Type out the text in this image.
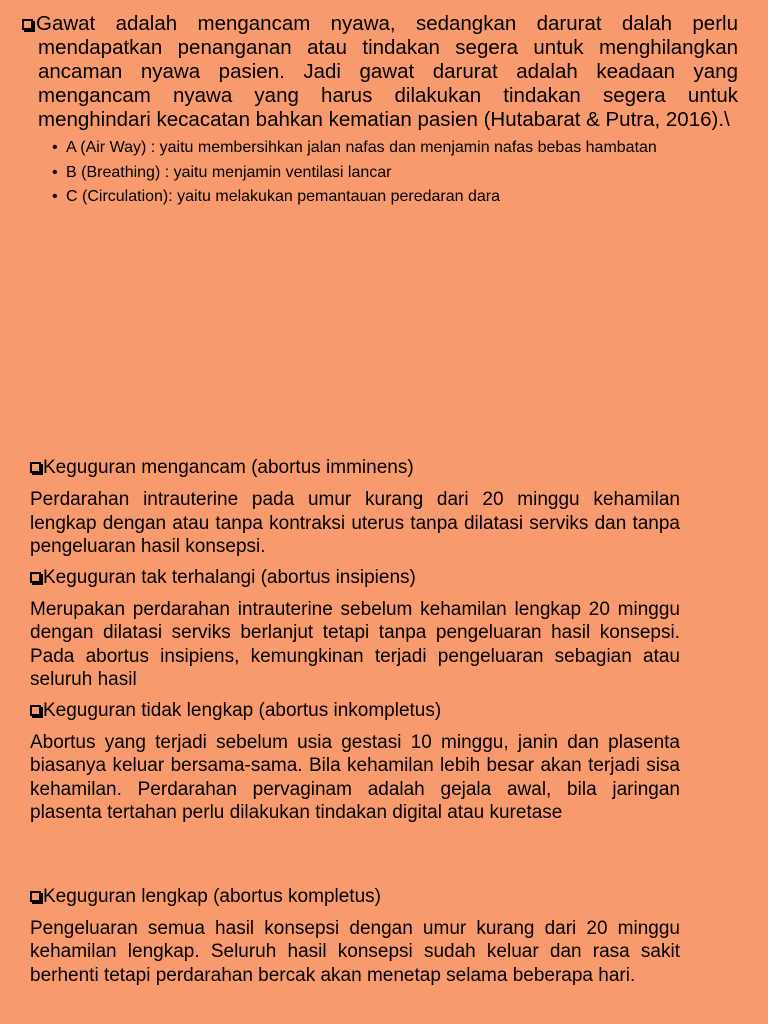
Gawat adalah mengancam nyawa, sedangkan darurat dalah perlu mendapatkan penanganan atau tindakan segera untuk menghilangkan ancaman nyawa pasien. Jadi gawat darurat adalah keadaan yang mengancam nyawa yang harus dilakukan tindakan segera untuk menghindari kecacatan bahkan kematian pasien (Hutabarat & Putra, 2016).\

• A (Air Way) : yaitu membersihkan jalan nafas dan menjamin nafas bebas hambatan
• B (Breathing) : yaitu menjamin ventilasi lancar
• C (Circulation): yaitu melakukan pemantauan peredaran dara

Keguguran mengancam (abortus imminens)

Perdarahan intrauterine pada umur kurang dari 20 minggu kehamilan lengkap dengan atau tanpa kontraksi uterus tanpa dilatasi serviks dan tanpa pengeluaran hasil konsepsi.

Keguguran tak terhalangi (abortus insipiens)

Merupakan perdarahan intrauterine sebelum kehamilan lengkap 20 minggu dengan dilatasi serviks berlanjut tetapi tanpa pengeluaran hasil konsepsi. Pada abortus insipiens, kemungkinan terjadi pengeluaran sebagian atau seluruh hasil

Keguguran tidak lengkap (abortus inkompletus)

Abortus yang terjadi sebelum usia gestasi 10 minggu, janin dan plasenta biasanya keluar bersama-sama. Bila kehamilan lebih besar akan terjadi sisa kehamilan. Perdarahan pervaginam adalah gejala awal, bila jaringan plasenta tertahan perlu dilakukan tindakan digital atau kuretase

Keguguran lengkap (abortus kompletus)

Pengeluaran semua hasil konsepsi dengan umur kurang dari 20 minggu kehamilan lengkap. Seluruh hasil konsepsi sudah keluar dan rasa sakit berhenti tetapi perdarahan bercak akan menetap selama beberapa hari.
